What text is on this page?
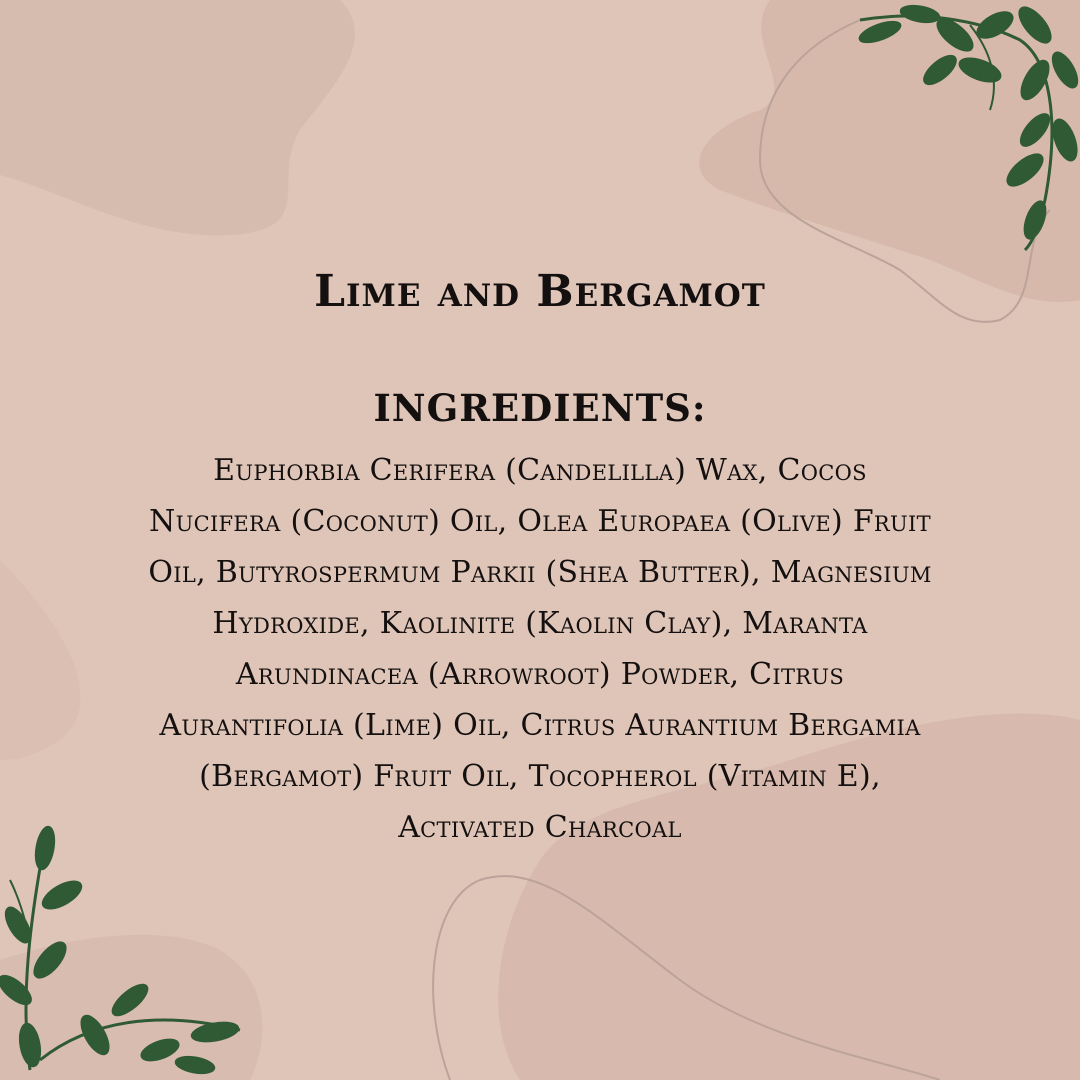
Lime and Bergamot
INGREDIENTS:

Euphorbia Cerifera (Candelilla) Wax, Cocos
Nucifera (Coconut) Oil, Olea Europaea (Olive) Fruit
Oil, Butyrospermum Parkii (Shea Butter), Magnesium
Hydroxide, Kaolinite (Kaolin Clay), Maranta
Arundinacea (Arrowroot) Powder, Citrus
Aurantifolia (Lime) Oil, Citrus Aurantium Bergamia
(Bergamot) Fruit Oil, Tocopherol (Vitamin E),
Activated Charcoal
